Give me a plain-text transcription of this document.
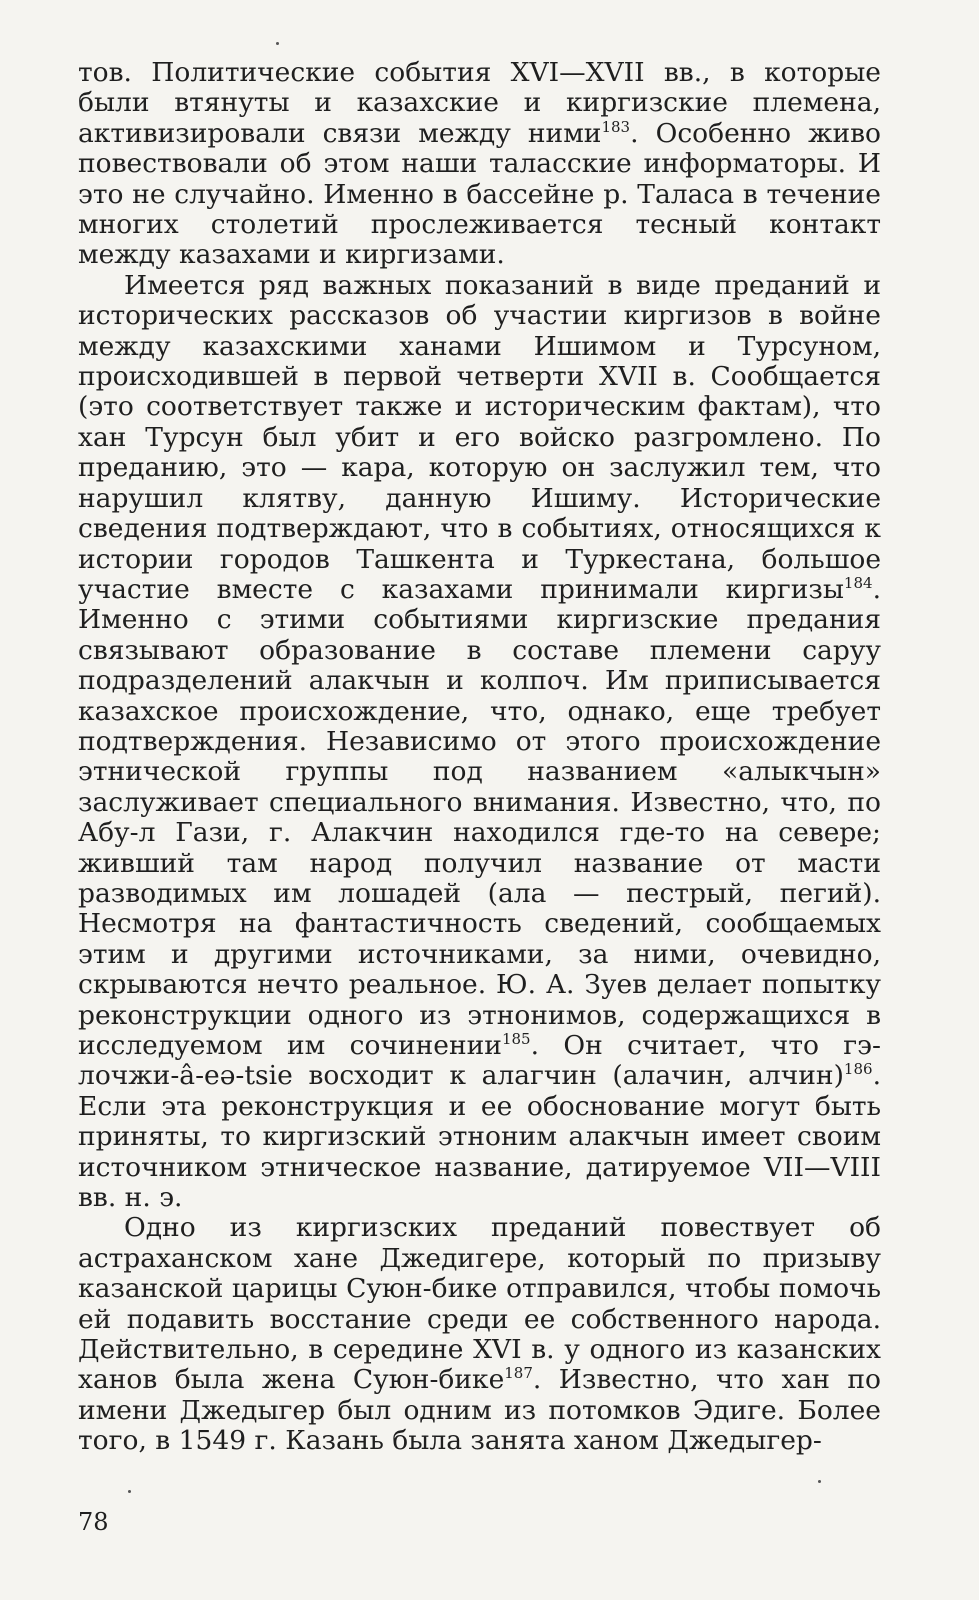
тов. Политические события XVI—XVII вв., в которые были втянуты и казахские и киргизские племена, активизировали связи между ними$^{183}$. Особенно живо повествовали об этом наши таласские информаторы. И это не случайно. Именно в бассейне р. Таласа в течение многих столетий прослеживается тесный контакт между казахами и киргизами.

Имеется ряд важных показаний в виде преданий и исторических рассказов об участии киргизов в войне между казахскими ханами Ишимом и Турсуном, происходившей в первой четверти XVII в. Сообщается (это соответствует также и историческим фактам), что хан Турсун был убит и его войско разгромлено. По преданию, это — кара, которую он заслужил тем, что нарушил клятву, данную Ишиму. Исторические сведения подтверждают, что в событиях, относящихся к истории городов Ташкента и Туркестана, большое участие вместе с казахами принимали киргизы$^{184}$. Именно с этими событиями киргизские предания связывают образование в составе племени саруу подразделений алакчын и колпоч. Им приписывается казахское происхождение, что, однако, еще требует подтверждения. Независимо от этого происхождение этнической группы под названием «алыкчын» заслуживает специального внимания. Известно, что, по Абу-л Гази, г. Алакчин находился где-то на севере; живший там народ получил название от масти разводимых им лошадей (ала — пестрый, пегий). Несмотря на фантастичность сведений, сообщаемых этим и другими источниками, за ними, очевидно, скрываются нечто реальное. Ю. А. Зуев делает попытку реконструкции одного из этнонимов, содержащихся в исследуемом им сочинении$^{185}$. Он считает, что гэ-лочжи-â-eə-tsie восходит к алагчин (алачин, алчин)$^{186}$. Если эта реконструкция и ее обоснование могут быть приняты, то киргизский этноним алакчын имеет своим источником этническое название, датируемое VII—VIII вв. н. э.

Одно из киргизских преданий повествует об астраханском хане Джедигере, который по призыву казанской царицы Суюн-бике отправился, чтобы помочь ей подавить восстание среди ее собственного народа. Действительно, в середине XVI в. у одного из казанских ханов была жена Суюн-бике$^{187}$. Известно, что хан по имени Джедыгер был одним из потомков Эдиге. Более того, в 1549 г. Казань была занята ханом Джедыгер-

78
